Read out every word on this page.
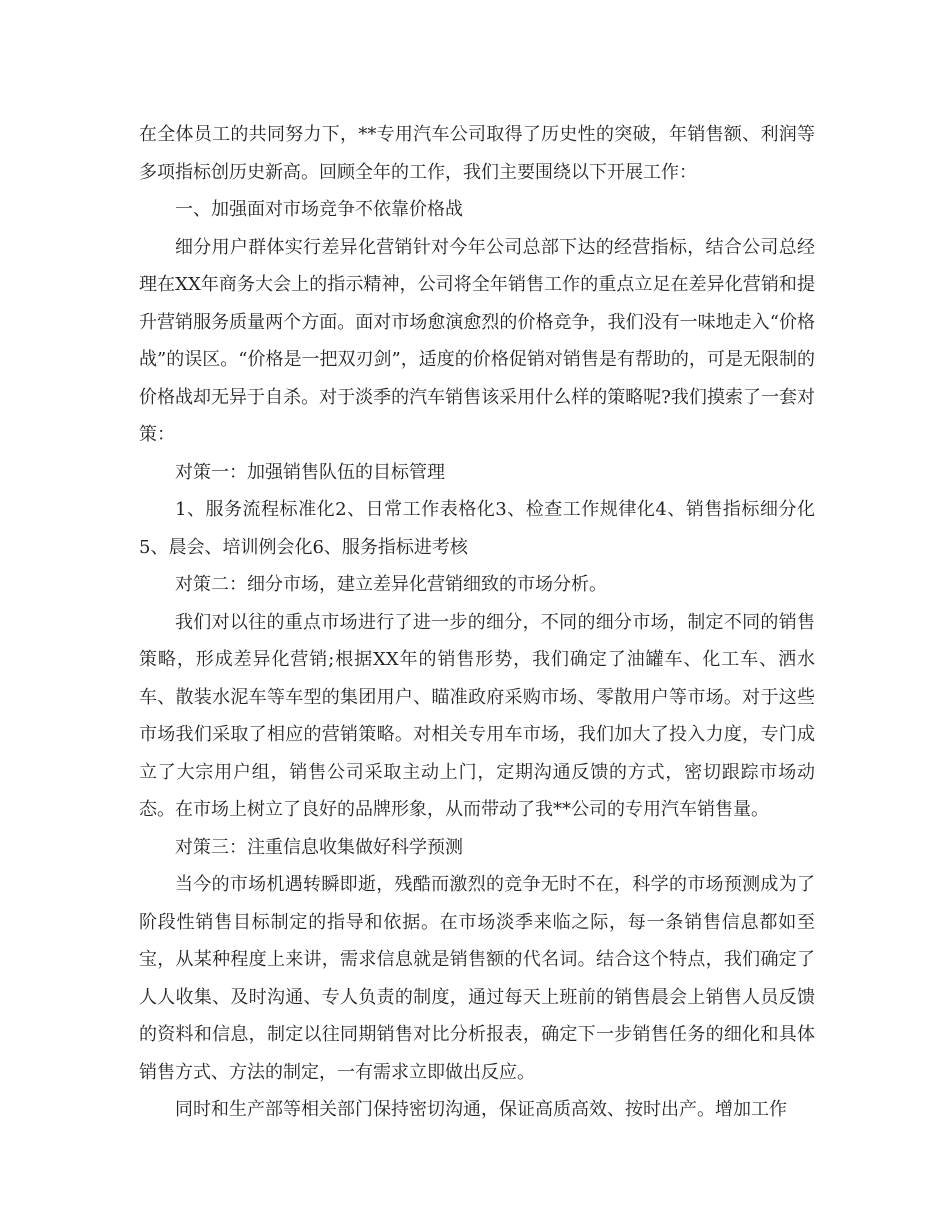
在全体员工的共同努力下，**专用汽车公司取得了历史性的突破，年销售额、利润等多项指标创历史新高。回顾全年的工作，我们主要围绕以下开展工作：

一、加强面对市场竞争不依靠价格战

细分用户群体实行差异化营销针对今年公司总部下达的经营指标，结合公司总经理在XX年商务大会上的指示精神，公司将全年销售工作的重点立足在差异化营销和提升营销服务质量两个方面。面对市场愈演愈烈的价格竞争，我们没有一味地走入“价格战”的误区。“价格是一把双刃剑”，适度的价格促销对销售是有帮助的，可是无限制的价格战却无异于自杀。对于淡季的汽车销售该采用什么样的策略呢?我们摸索了一套对策：

对策一：加强销售队伍的目标管理

1、服务流程标准化2、日常工作表格化3、检查工作规律化4、销售指标细分化5、晨会、培训例会化6、服务指标进考核

对策二：细分市场，建立差异化营销细致的市场分析。

我们对以往的重点市场进行了进一步的细分，不同的细分市场，制定不同的销售策略，形成差异化营销;根据XX年的销售形势，我们确定了油罐车、化工车、洒水车、散装水泥车等车型的集团用户、瞄准政府采购市场、零散用户等市场。对于这些市场我们采取了相应的营销策略。对相关专用车市场，我们加大了投入力度，专门成立了大宗用户组，销售公司采取主动上门，定期沟通反馈的方式，密切跟踪市场动态。在市场上树立了良好的品牌形象，从而带动了我**公司的专用汽车销售量。

对策三：注重信息收集做好科学预测

当今的市场机遇转瞬即逝，残酷而激烈的竞争无时不在，科学的市场预测成为了阶段性销售目标制定的指导和依据。在市场淡季来临之际，每一条销售信息都如至宝，从某种程度上来讲，需求信息就是销售额的代名词。结合这个特点，我们确定了人人收集、及时沟通、专人负责的制度，通过每天上班前的销售晨会上销售人员反馈的资料和信息，制定以往同期销售对比分析报表，确定下一步销售任务的细化和具体销售方式、方法的制定，一有需求立即做出反应。

同时和生产部等相关部门保持密切沟通，保证高质高效、按时出产。增加工作
